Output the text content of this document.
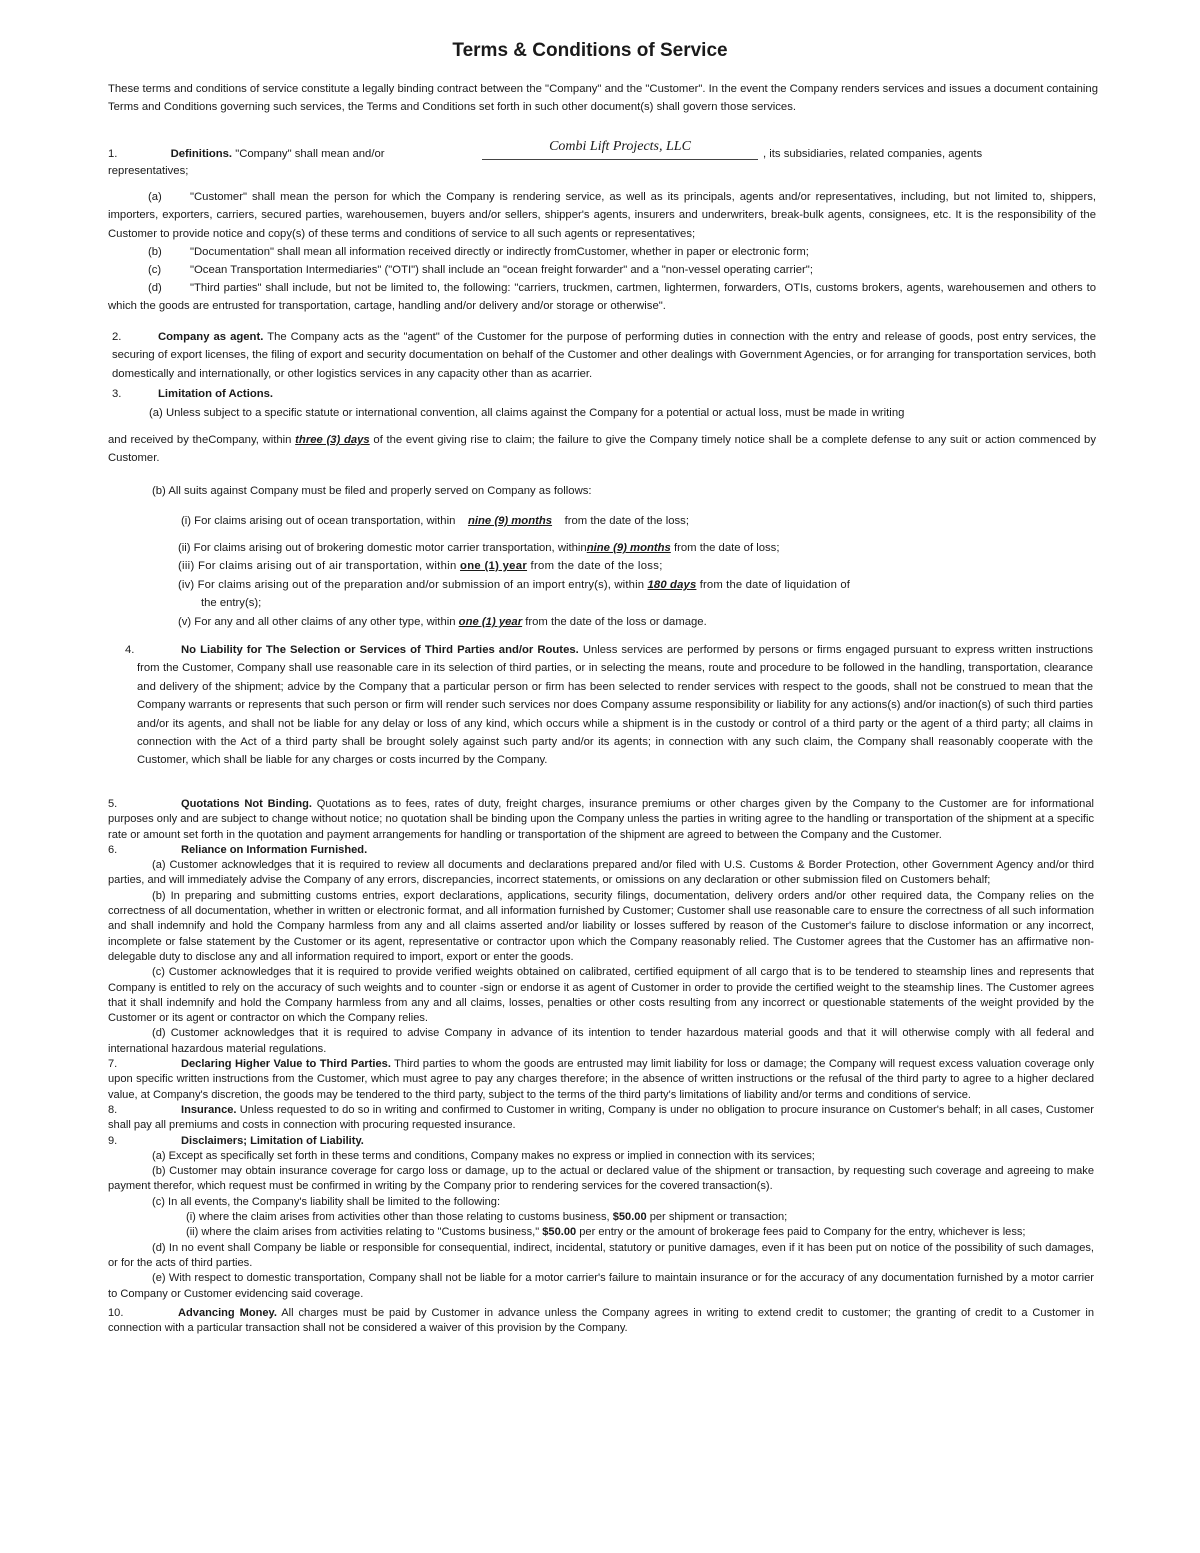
Terms & Conditions of Service
These terms and conditions of service constitute a legally binding contract between the "Company" and the "Customer". In the event the Company renders services and issues a document containing Terms and Conditions governing such services, the Terms and Conditions set forth in such other document(s) shall govern those services.
1.	Definitions. "Company" shall mean and/or	Combi Lift Projects, LLC	, its subsidiaries, related companies, agents
representatives;
(a) "Customer" shall mean the person for which the Company is rendering service, as well as its principals, agents and/or representatives, including, but not limited to, shippers, importers, exporters, carriers, secured parties, warehousemen, buyers and/or sellers, shipper's agents, insurers and underwriters, break-bulk agents, consignees, etc. It is the responsibility of the Customer to provide notice and copy(s) of these terms and conditions of service to all such agents or representatives;
(b) "Documentation" shall mean all information received directly or indirectly fromCustomer, whether in paper or electronic form;
(c)	"Ocean Transportation Intermediaries" ("OTI") shall include an "ocean freight forwarder" and a "non-vessel operating carrier";
(d) "Third parties" shall include, but not be limited to, the following: "carriers, truckmen, cartmen, lightermen, forwarders, OTIs, customs brokers, agents, warehousemen and others to which the goods are entrusted for transportation, cartage, handling and/or delivery and/or storage or otherwise".
2.	Company as agent. The Company acts as the "agent" of the Customer for the purpose of performing duties in connection with the entry and release of goods, post entry services, the securing of export licenses, the filing of export and security documentation on behalf of the Customer and other dealings with Government Agencies, or for arranging for transportation services, both domestically and internationally, or other logistics services in any capacity other than as acarrier.
3.	Limitation of Actions.
(a) Unless subject to a specific statute or international convention, all claims against the Company for a potential or actual loss, must be made in writing
and received by theCompany, within three (3) days of the event giving rise to claim; the failure to give the Company timely notice shall be a complete defense to any suit or action commenced by Customer.
(b) All suits against Company must be filed and properly served on Company as follows:
(i) For claims arising out of ocean transportation, within nine (9) months from the date of the loss;
(ii) For claims arising out of brokering domestic motor carrier transportation, withinnine (9) months from the date of loss;
(iii) For claims arising out of air transportation, within one (1) year from the date of the loss;
(iv) For claims arising out of the preparation and/or submission of an import entry(s), within 180 days from the date of liquidation of
the entry(s);
(v) For any and all other claims of any other type, within one (1) year from the date of the loss or damage.
4.	No Liability for The Selection or Services of Third Parties and/or Routes. Unless services are performed by persons or firms engaged pursuant to express written instructions from the Customer, Company shall use reasonable care in its selection of third parties, or in selecting the means, route and procedure to be followed in the handling, transportation, clearance and delivery of the shipment; advice by the Company that a particular person or firm has been selected to render services with respect to the goods, shall not be construed to mean that the Company warrants or represents that such person or firm will render such services nor does Company assume responsibility or liability for any actions(s) and/or inaction(s) of such third parties and/or its agents, and shall not be liable for any delay or loss of any kind, which occurs while a shipment is in the custody or control of a third party or the agent of a third party; all claims in connection with the Act of a third party shall be brought solely against such party and/or its agents; in connection with any such claim, the Company shall reasonably cooperate with the Customer, which shall be liable for any charges or costs incurred by the Company.

5.	Quotations Not Binding. Quotations as to fees, rates of duty, freight charges, insurance premiums or other charges given by the Company to the Customer are for informational purposes only and are subject to change without notice; no quotation shall be binding upon the Company unless the parties in writing agree to the handling or transportation of the shipment at a specific rate or amount set forth in the quotation and payment arrangements for handling or transportation of the shipment are agreed to between the Company and the Customer.

6.	Reliance on Information Furnished.

(a) Customer acknowledges that it is required to review all documents and declarations prepared and/or filed with U.S. Customs & Border Protection, other Government Agency and/or third parties, and will immediately advise the Company of any errors, discrepancies, incorrect statements, or omissions on any declaration or other submission filed on Customers behalf;

(b) In preparing and submitting customs entries, export declarations, applications, security filings, documentation, delivery orders and/or other required data, the Company relies on the correctness of all documentation, whether in written or electronic format, and all information furnished by Customer; Customer shall use reasonable care to ensure the correctness of all such information and shall indemnify and hold the Company harmless from any and all claims asserted and/or liability or losses suffered by reason of the Customer's failure to disclose information or any incorrect, incomplete or false statement by the Customer or its agent, representative or contractor upon which the Company reasonably relied. The Customer agrees that the Customer has an affirmative non-delegable duty to disclose any and all information required to import, export or enter the goods.

(c) Customer acknowledges that it is required to provide verified weights obtained on calibrated, certified equipment of all cargo that is to be tendered to steamship lines and represents that Company is entitled to rely on the accuracy of such weights and to counter -sign or endorse it as agent of Customer in order to provide the certified weight to the steamship lines. The Customer agrees that it shall indemnify and hold the Company harmless from any and all claims, losses, penalties or other costs resulting from any incorrect or questionable statements of the weight provided by the Customer or its agent or contractor on which the Company relies.

(d) Customer acknowledges that it is required to advise Company in advance of its intention to tender hazardous material goods and that it will otherwise comply with all federal and international hazardous material regulations.

7.	Declaring Higher Value to Third Parties. Third parties to whom the goods are entrusted may limit liability for loss or damage; the Company will request excess valuation coverage only upon specific written instructions from the Customer, which must agree to pay any charges therefore; in the absence of written instructions or the refusal of the third party to agree to a higher declared value, at Company's discretion, the goods may be tendered to the third party, subject to the terms of the third party's limitations of liability and/or terms and conditions of service.

8.	Insurance. Unless requested to do so in writing and confirmed to Customer in writing, Company is under no obligation to procure insurance on Customer's behalf; in all cases, Customer shall pay all premiums and costs in connection with procuring requested insurance.

9.	Disclaimers; Limitation of Liability.

(a) Except as specifically set forth in these terms and conditions, Company makes no express or implied in connection with its services;

(b) Customer may obtain insurance coverage for cargo loss or damage, up to the actual or declared value of the shipment or transaction, by requesting such coverage and agreeing to make payment therefor, which request must be confirmed in writing by the Company prior to rendering services for the covered transaction(s).

(c) In all events, the Company's liability shall be limited to the following:

(i) where the claim arises from activities other than those relating to customs business, $50.00 per shipment or transaction;

(ii) where the claim arises from activities relating to "Customs business," $50.00 per entry or the amount of brokerage fees paid to Company for the entry, whichever is less;

(d) In no event shall Company be liable or responsible for consequential, indirect, incidental, statutory or punitive damages, even if it has been put on notice of the possibility of such damages, or for the acts of third parties.

(e) With respect to domestic transportation, Company shall not be liable for a motor carrier's failure to maintain insurance or for the accuracy of any documentation furnished by a motor carrier to Company or Customer evidencing said coverage.

10.	Advancing Money. All charges must be paid by Customer in advance unless the Company agrees in writing to extend credit to customer; the granting of credit to a Customer in connection with a particular transaction shall not be considered a waiver of this provision by the Company.
